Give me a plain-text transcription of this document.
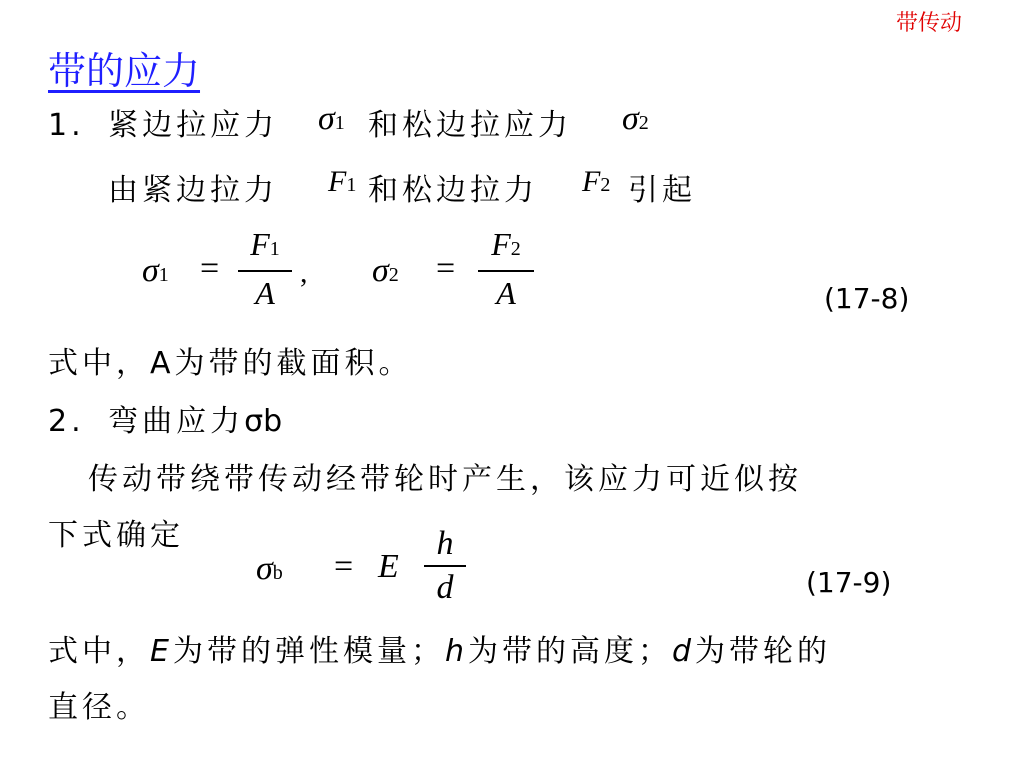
带传动
带的应力
1. 紧边拉应力 σ1 和松边拉应力 σ2
由紧边拉力 F1 和松边拉力 F2 引起
σ1 =
F1
A
, σ2 =
F2
A	(17-8)
式中，A为带的截面积。
2. 弯曲应力σb
传动带绕带传动经带轮时产生，该应力可近似按
下式确定
σb = E
h
d	(17-9)
式中，E为带的弹性模量；h为带的高度；d为带轮的
直径。
